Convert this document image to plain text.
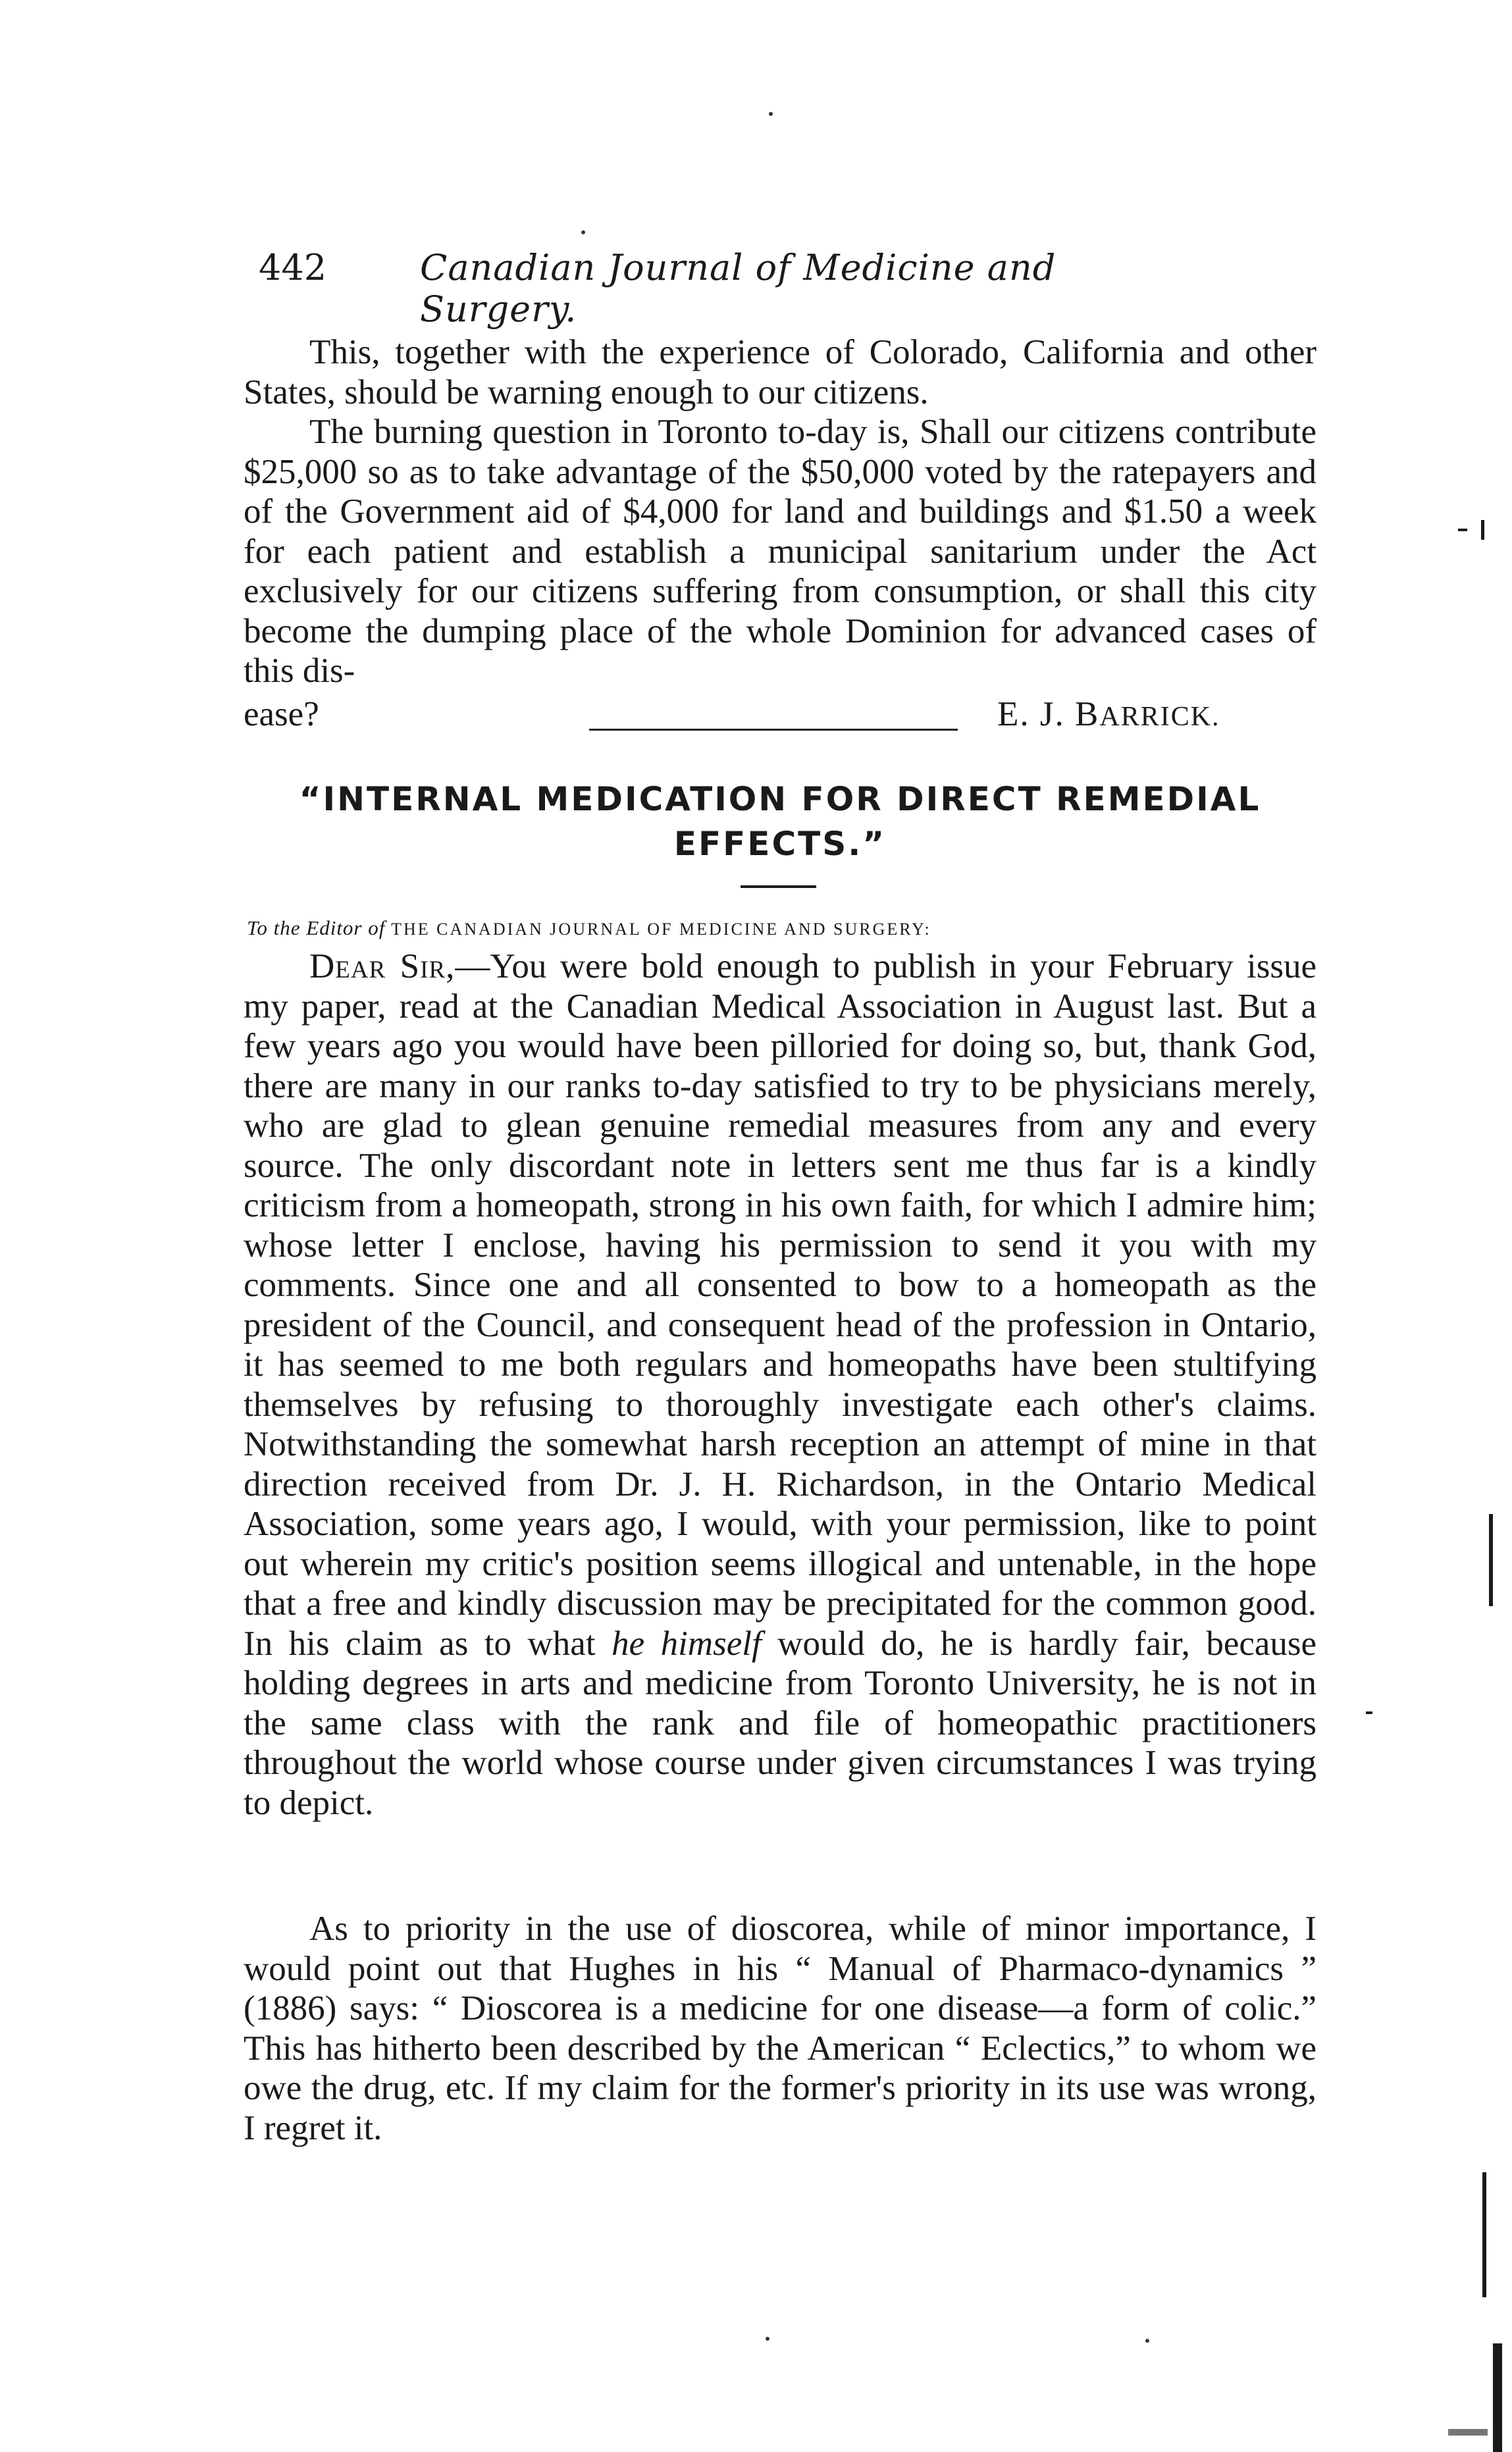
442	Canadian Journal of Medicine and Surgery.

This, together with the experience of Colorado, California and other States, should be warning enough to our citizens.

The burning question in Toronto to-day is, Shall our citizens contribute $25,000 so as to take advantage of the $50,000 voted by the ratepayers and of the Government aid of $4,000 for land and buildings and $1.50 a week for each patient and establish a municipal sanitarium under the Act exclusively for our citizens suffering from consumption, or shall this city become the dumping place of the whole Dominion for advanced cases of this dis-

ease?	E. J. BARRICK.
“INTERNAL MEDICATION FOR DIRECT REMEDIAL
EFFECTS.”
To the Editor of THE CANADIAN JOURNAL OF MEDICINE AND SURGERY:

Dear Sir,—You were bold enough to publish in your February issue my paper, read at the Canadian Medical Association in August last. But a few years ago you would have been pilloried for doing so, but, thank God, there are many in our ranks to-day satisfied to try to be physicians merely, who are glad to glean genuine remedial measures from any and every source. The only discordant note in letters sent me thus far is a kindly criticism from a homeopath, strong in his own faith, for which I admire him; whose letter I enclose, having his permission to send it you with my comments. Since one and all consented to bow to a homeopath as the president of the Council, and consequent head of the profession in Ontario, it has seemed to me both regulars and homeopaths have been stultifying themselves by refusing to thoroughly investigate each other's claims. Notwithstanding the somewhat harsh reception an attempt of mine in that direction received from Dr. J. H. Richardson, in the Ontario Medical Association, some years ago, I would, with your permission, like to point out wherein my critic's position seems illogical and untenable, in the hope that a free and kindly discussion may be precipitated for the common good. In his claim as to what he himself would do, he is hardly fair, because holding degrees in arts and medicine from Toronto University, he is not in the same class with the rank and file of homeopathic practitioners throughout the world whose course under given circumstances I was trying to depict.

As to priority in the use of dioscorea, while of minor importance, I would point out that Hughes in his “ Manual of Pharmaco-dynamics ” (1886) says: “ Dioscorea is a medicine for one disease—a form of colic.” This has hitherto been described by the American “ Eclectics,” to whom we owe the drug, etc. If my claim for the former's priority in its use was wrong, I regret it.
